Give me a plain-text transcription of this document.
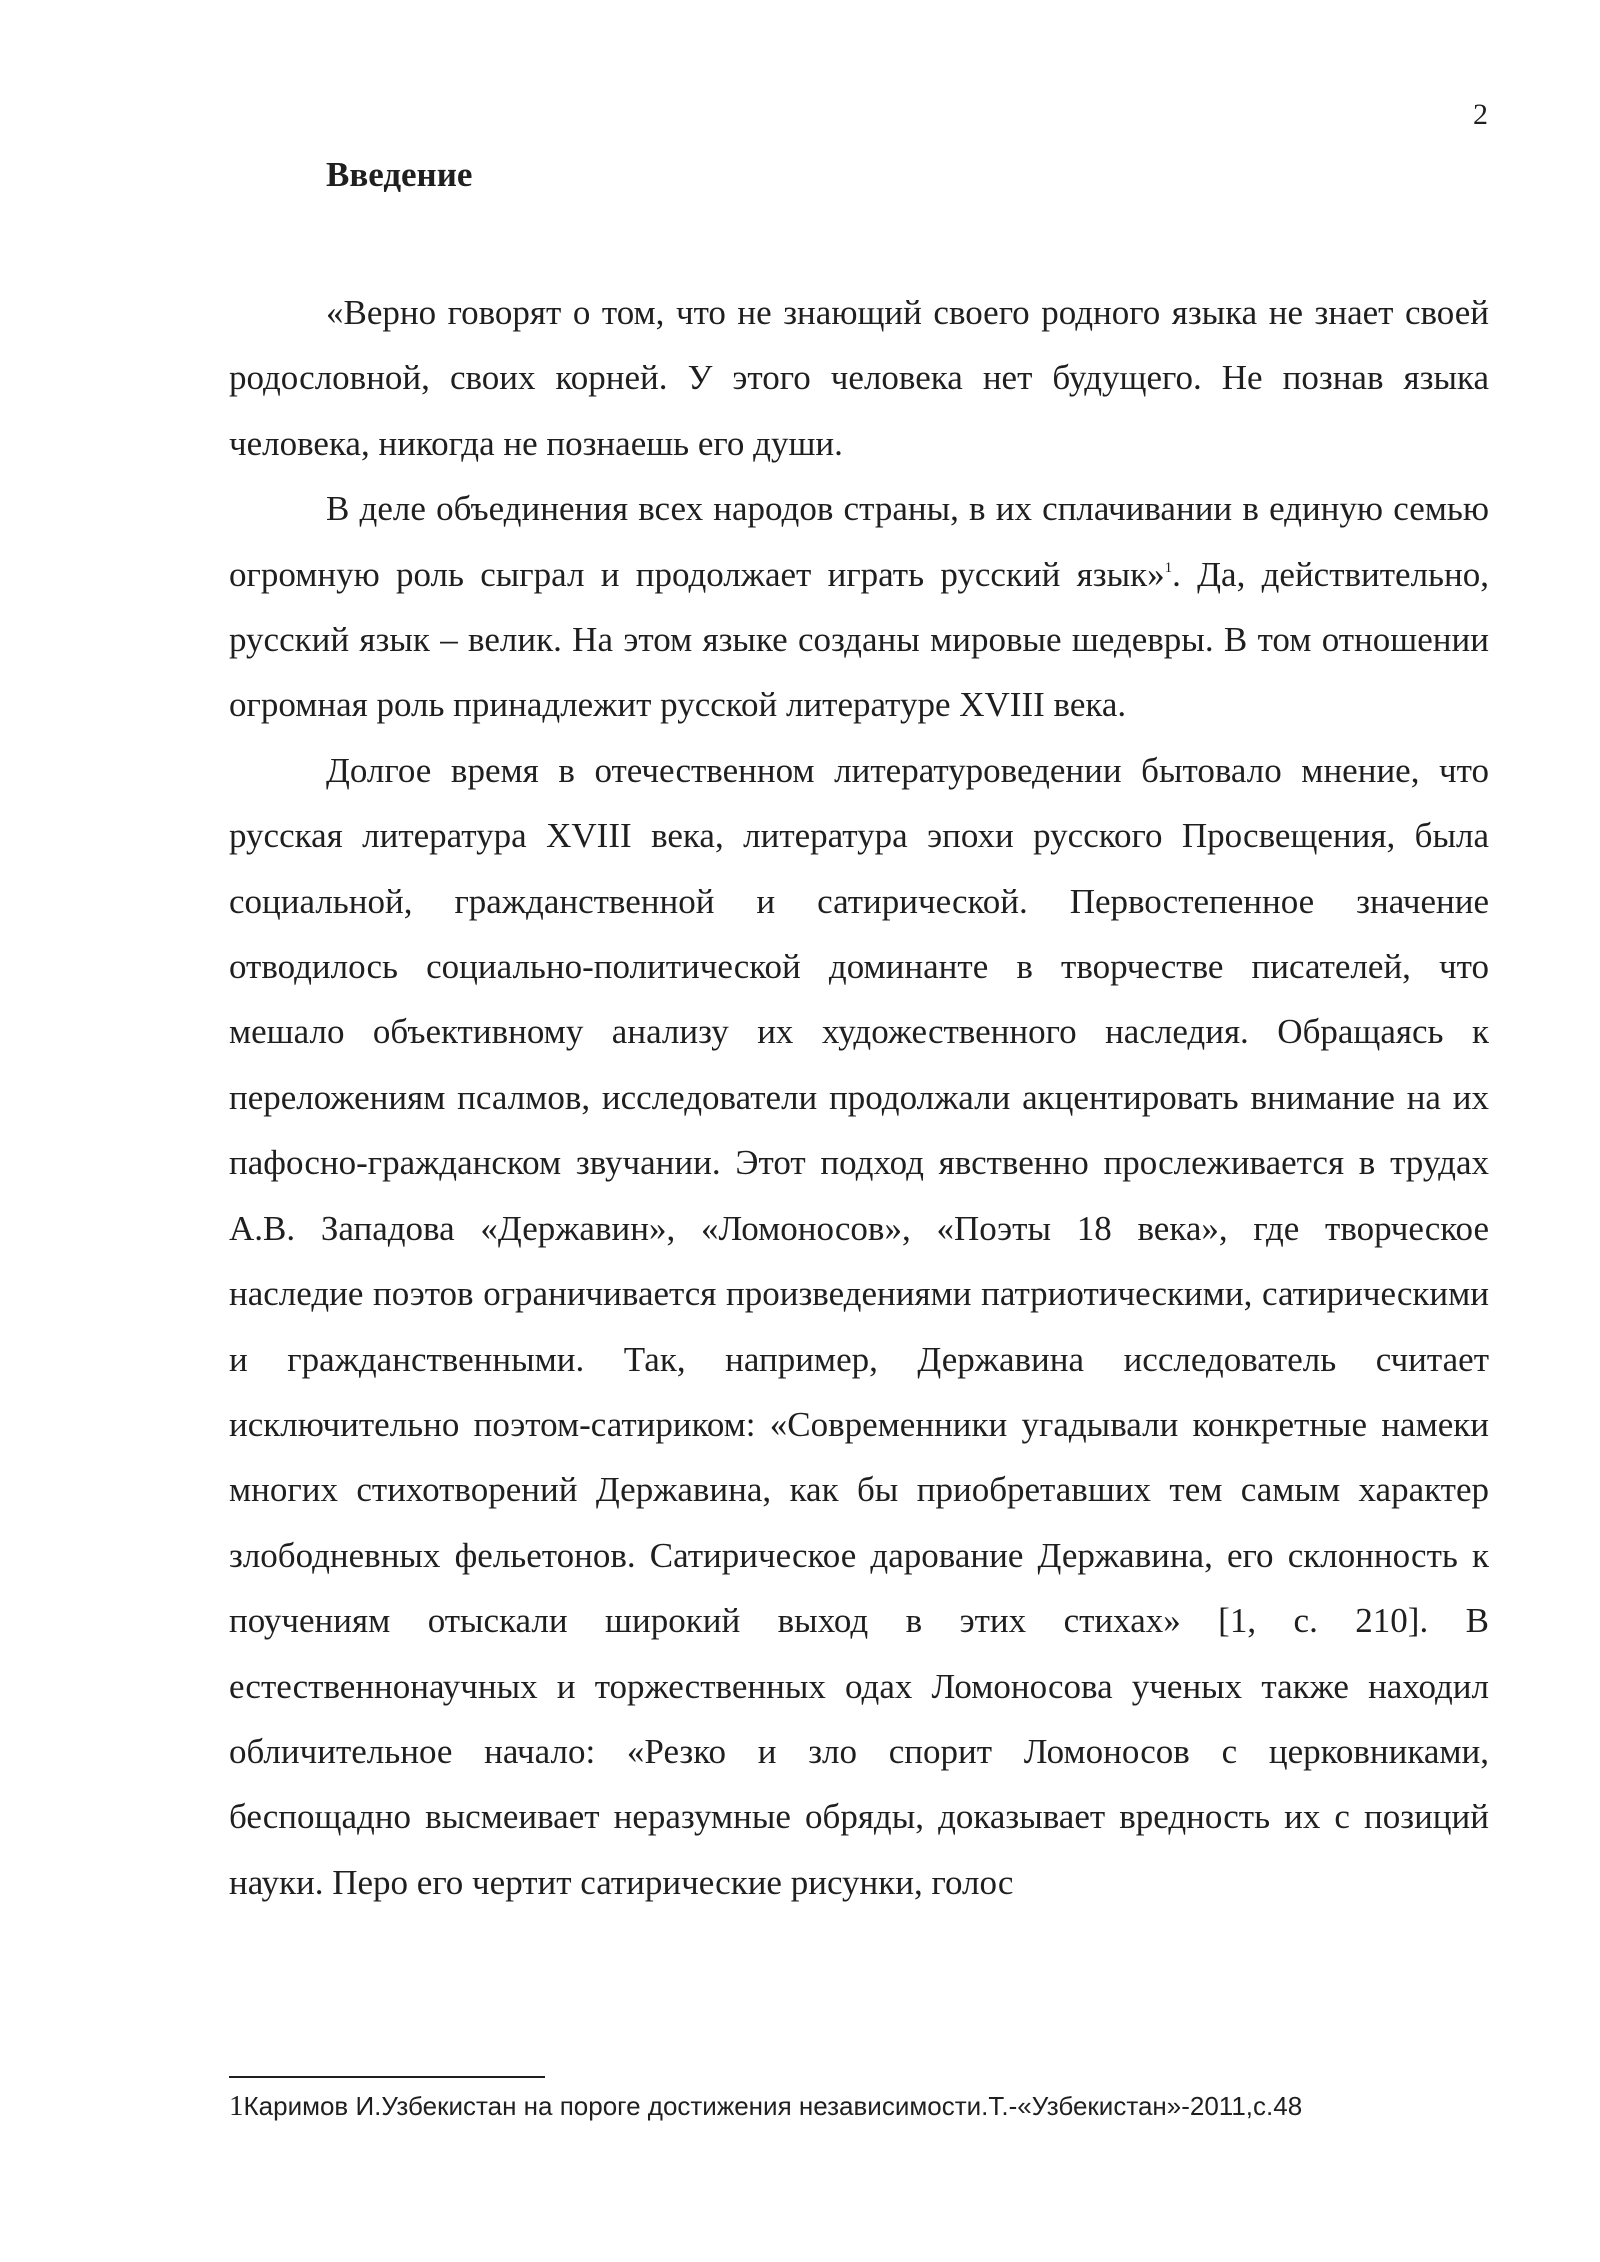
2
Введение

«Верно говорят о том, что не знающий своего родного языка не знает своей родословной, своих корней. У этого человека нет будущего. Не познав языка человека, никогда не познаешь его души.

В деле объединения всех народов страны, в их сплачивании в единую семью огромную роль сыграл и продолжает играть русский язык»$^1$. Да, действительно, русский язык – велик. На этом языке созданы мировые шедевры. В том отношении огромная роль принадлежит русской литературе XVIII века.

Долгое время в отечественном литературоведении бытовало мнение, что русская литература XVIII века, литература эпохи русского Просвещения, была социальной, гражданственной и сатирической. Первостепенное значение отводилось социально-политической доминанте в творчестве писателей, что мешало объективному анализу их художественного наследия. Обращаясь к переложениям псалмов, исследователи продолжали акцентировать внимание на их пафосно-гражданском звучании. Этот подход явственно прослеживается в трудах А.В. Западова «Державин», «Ломоносов», «Поэты 18 века», где творческое наследие поэтов ограничивается произведениями патриотическими, сатирическими и гражданственными. Так, например, Державина исследователь считает исключительно поэтом-сатириком: «Современники угадывали конкретные намеки многих стихотворений Державина, как бы приобретавших тем самым характер злободневных фельетонов. Сатирическое дарование Державина, его склонность к поучениям отыскали широкий выход в этих стихах» [1, с. 210]. В естественнонаучных и торжественных одах Ломоносова ученых также находил обличительное начало: «Резко и зло спорит Ломоносов с церковниками, беспощадно высмеивает неразумные обряды, доказывает вредность их с позиций науки. Перо его чертит сатирические рисунки, голос

1Каримов И.Узбекистан на пороге достижения независимости.Т.-«Узбекистан»-2011,с.48
